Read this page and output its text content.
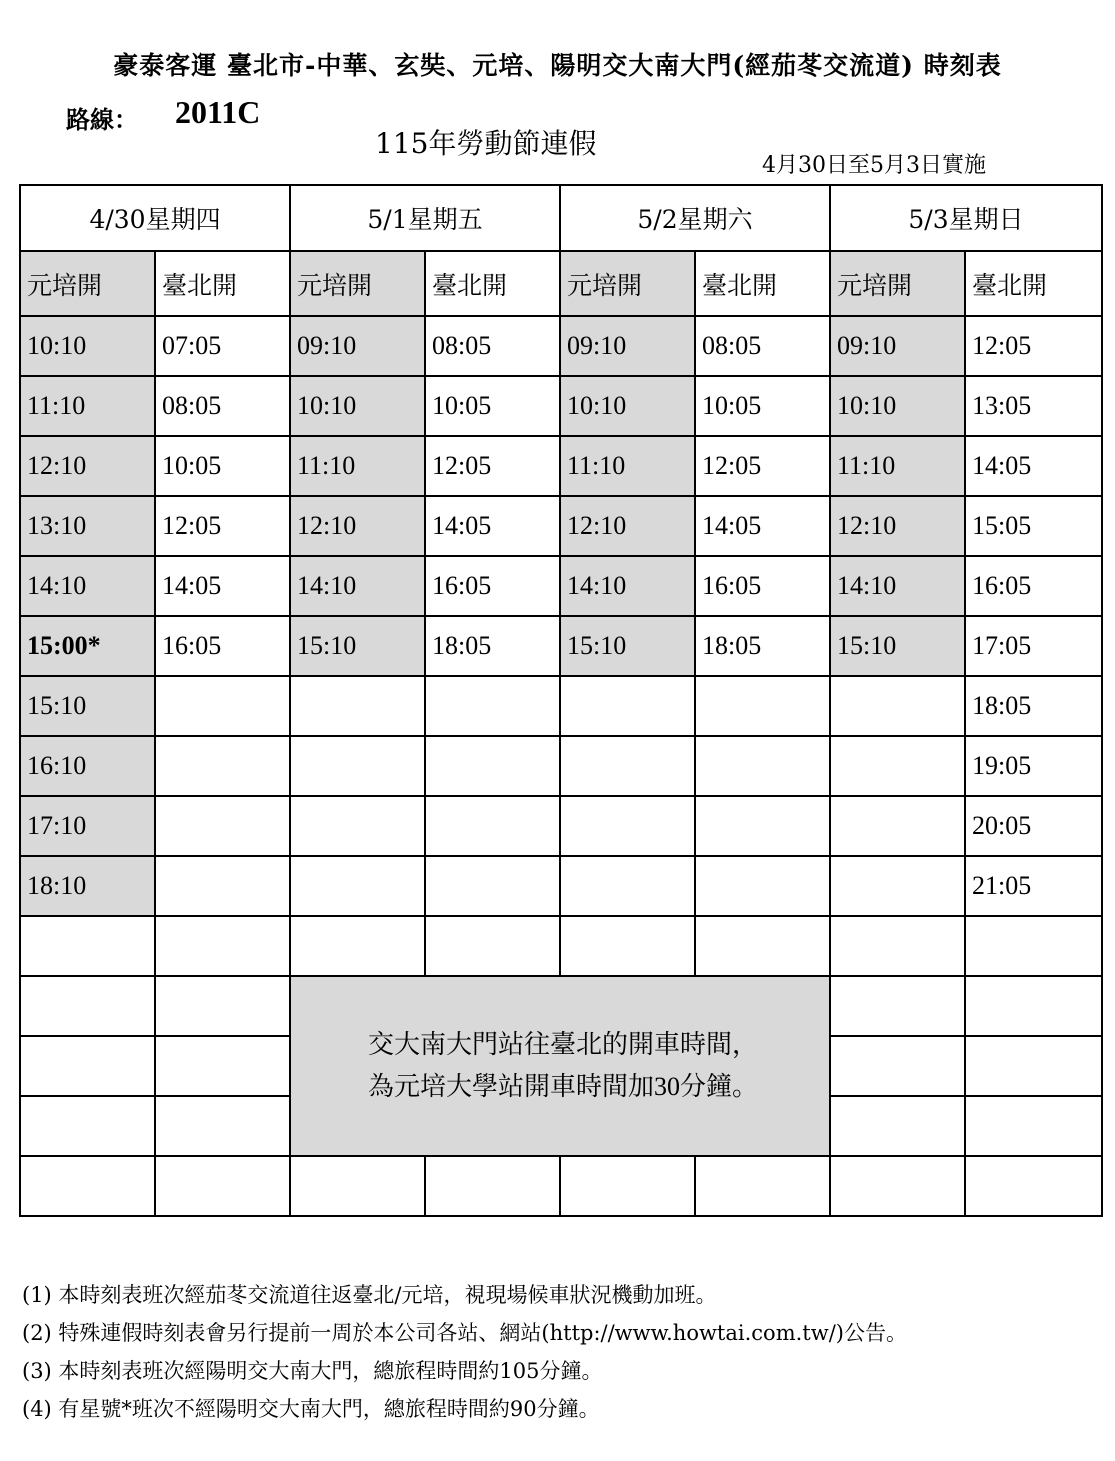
豪泰客運 臺北市-中華、玄奘、元培、陽明交大南大門(經茄苳交流道) 時刻表
路線： 2011C
115年勞動節連假
4月30日至5月3日實施
4/30星期四		5/1星期五		5/2星期六		5/3星期日	
元培開	臺北開	元培開	臺北開	元培開	臺北開	元培開	臺北開
10:10	07:05	09:10	08:05	09:10	08:05	09:10	12:05
11:10	08:05	10:10	10:05	10:10	10:05	10:10	13:05
12:10	10:05	11:10	12:05	11:10	12:05	11:10	14:05
13:10	12:05	12:10	14:05	12:10	14:05	12:10	15:05
14:10	14:05	14:10	16:05	14:10	16:05	14:10	16:05
15:00*	16:05	15:10	18:05	15:10	18:05	15:10	17:05
15:10							18:05
16:10							19:05
17:10							20:05
18:10							21:05

		交大南大門站往臺北的開車時間，
為元培大學站開車時間加30分鐘。					

(1) 本時刻表班次經茄苳交流道往返臺北/元培，視現場候車狀況機動加班。
(2) 特殊連假時刻表會另行提前一周於本公司各站、網站(http://www.howtai.com.tw/)公告。
(3) 本時刻表班次經陽明交大南大門，總旅程時間約105分鐘。
(4) 有星號*班次不經陽明交大南大門，總旅程時間約90分鐘。
